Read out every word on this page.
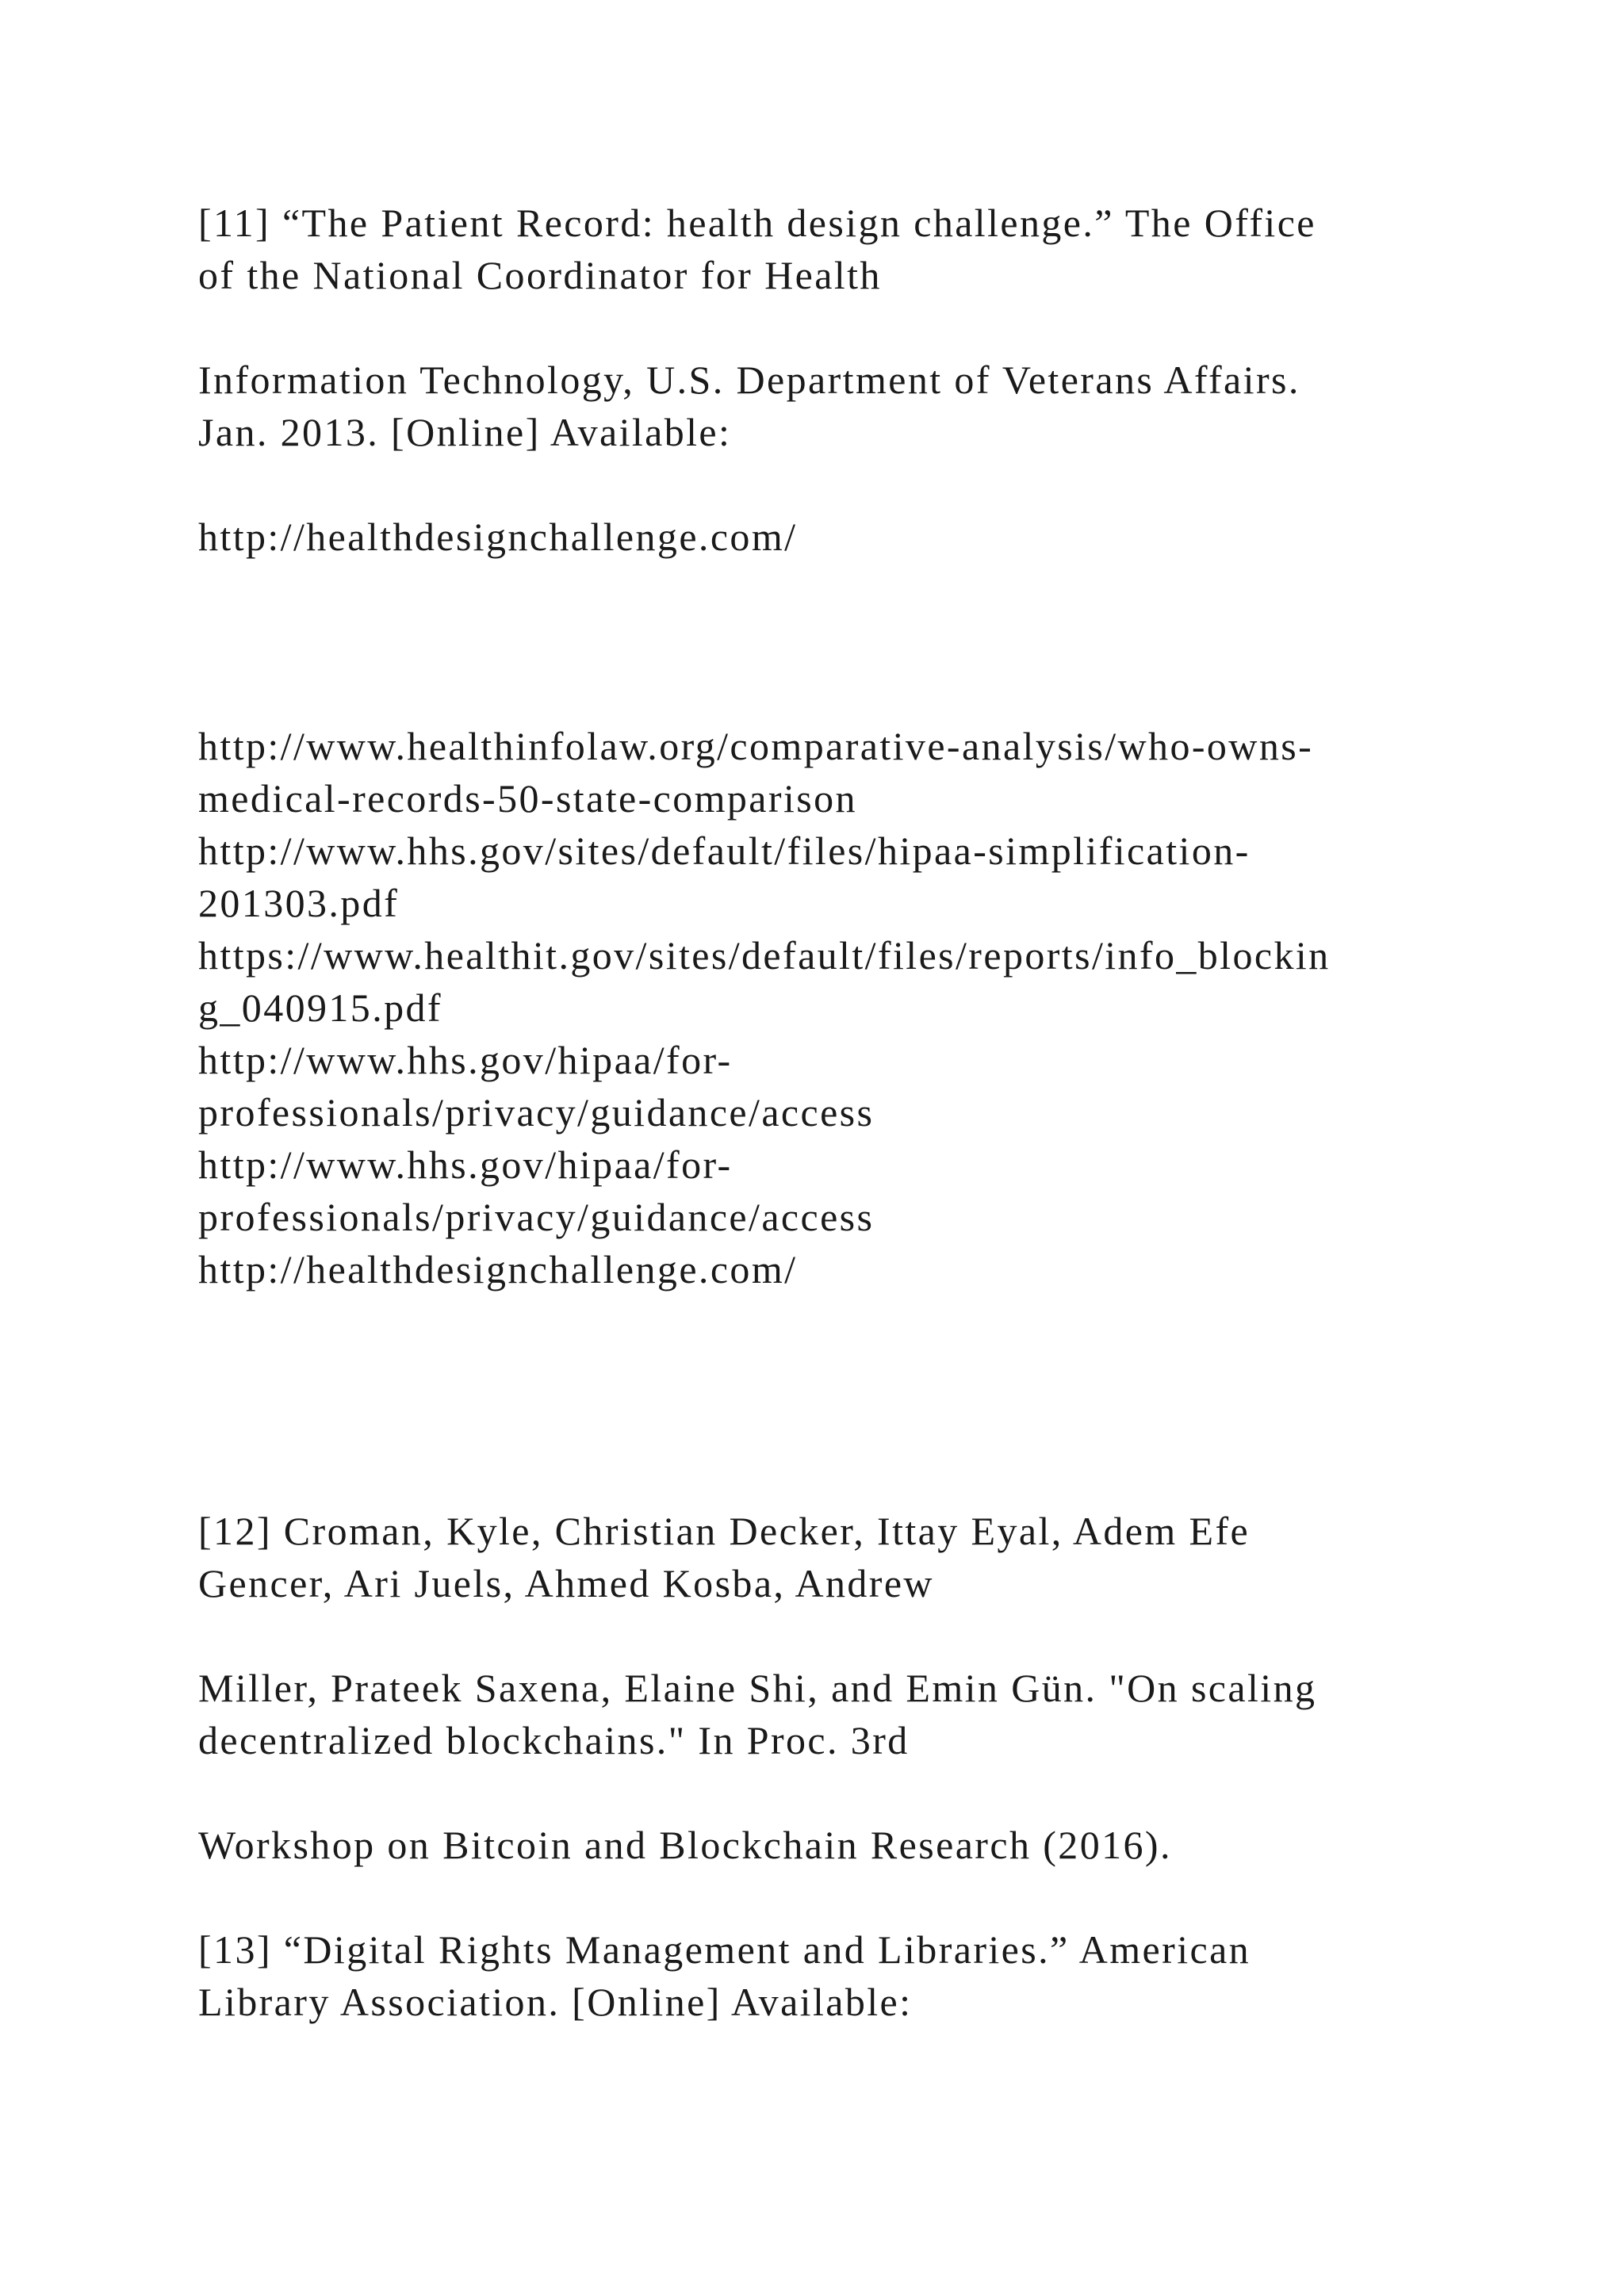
[11] “The Patient Record: health design challenge.” The Office

of the National Coordinator for Health

Information Technology, U.S. Department of Veterans Affairs.

Jan. 2013. [Online] Available:

http://healthdesignchallenge.com/

http://www.healthinfolaw.org/comparative-analysis/who-owns-

medical-records-50-state-comparison

http://www.hhs.gov/sites/default/files/hipaa-simplification-

201303.pdf

https://www.healthit.gov/sites/default/files/reports/info_blockin

g_040915.pdf

http://www.hhs.gov/hipaa/for-

professionals/privacy/guidance/access

http://www.hhs.gov/hipaa/for-

professionals/privacy/guidance/access

http://healthdesignchallenge.com/

[12] Croman, Kyle, Christian Decker, Ittay Eyal, Adem Efe

Gencer, Ari Juels, Ahmed Kosba, Andrew

Miller, Prateek Saxena, Elaine Shi, and Emin Gün. "On scaling

decentralized blockchains." In Proc. 3rd

Workshop on Bitcoin and Blockchain Research (2016).

[13] “Digital Rights Management and Libraries.” American

Library Association. [Online] Available:
